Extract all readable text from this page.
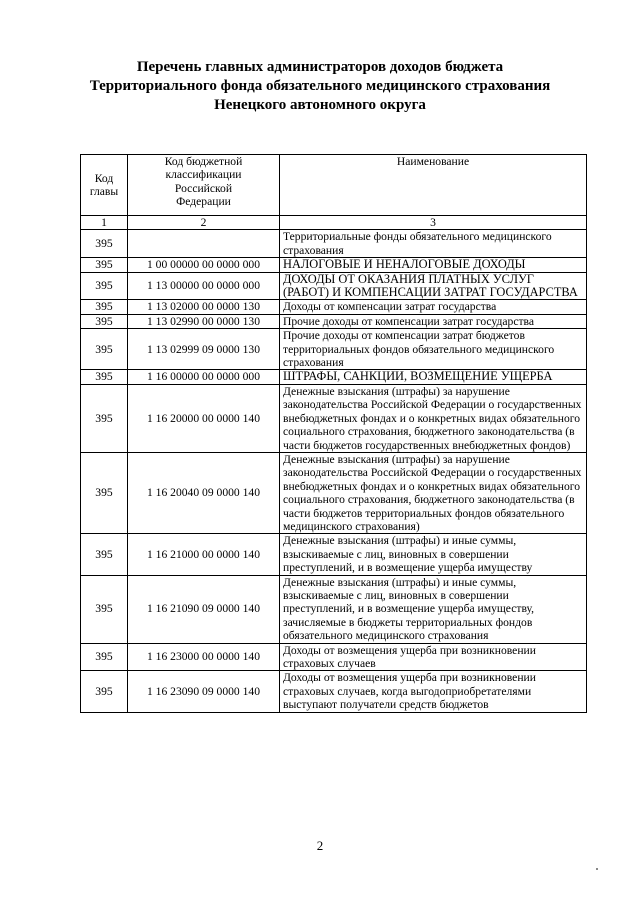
Перечень главных администраторов доходов бюджета
Территориального фонда обязательного медицинского страхования
Ненецкого автономного округа
Код главы	Код бюджетной классификации Российской Федерации	Наименование
1	2	3
395		Территориальные фонды обязательного медицинского страхования
395	1 00 00000 00 0000 000	НАЛОГОВЫЕ И НЕНАЛОГОВЫЕ ДОХОДЫ
395	1 13 00000 00 0000 000	ДОХОДЫ ОТ ОКАЗАНИЯ ПЛАТНЫХ УСЛУГ (РАБОТ) И КОМПЕНСАЦИИ ЗАТРАТ ГОСУДАРСТВА
395	1 13 02000 00 0000 130	Доходы от компенсации затрат государства
395	1 13 02990 00 0000 130	Прочие доходы от компенсации затрат государства
395	1 13 02999 09 0000 130	Прочие доходы от компенсации затрат бюджетов территориальных фондов обязательного медицинского страхования
395	1 16 00000 00 0000 000	ШТРАФЫ, САНКЦИИ, ВОЗМЕЩЕНИЕ УЩЕРБА
395	1 16 20000 00 0000 140	Денежные взыскания (штрафы) за нарушение законодательства Российской Федерации о государственных внебюджетных фондах и о конкретных видах обязательного социального страхования, бюджетного законодательства (в части бюджетов государственных внебюджетных фондов)
395	1 16 20040 09 0000 140	Денежные взыскания (штрафы) за нарушение законодательства Российской Федерации о государственных внебюджетных фондах и о конкретных видах обязательного социального страхования, бюджетного законодательства (в части бюджетов территориальных фондов обязательного медицинского страхования)
395	1 16 21000 00 0000 140	Денежные взыскания (штрафы) и иные суммы, взыскиваемые с лиц, виновных в совершении преступлений, и в возмещение ущерба имуществу
395	1 16 21090 09 0000 140	Денежные взыскания (штрафы) и иные суммы, взыскиваемые с лиц, виновных в совершении преступлений, и в возмещение ущерба имуществу, зачисляемые в бюджеты территориальных фондов обязательного медицинского страхования
395	1 16 23000 00 0000 140	Доходы от возмещения ущерба при возникновении страховых случаев
395	1 16 23090 09 0000 140	Доходы от возмещения ущерба при возникновении страховых случаев, когда выгодоприобретателями выступают получатели средств бюджетов
2
